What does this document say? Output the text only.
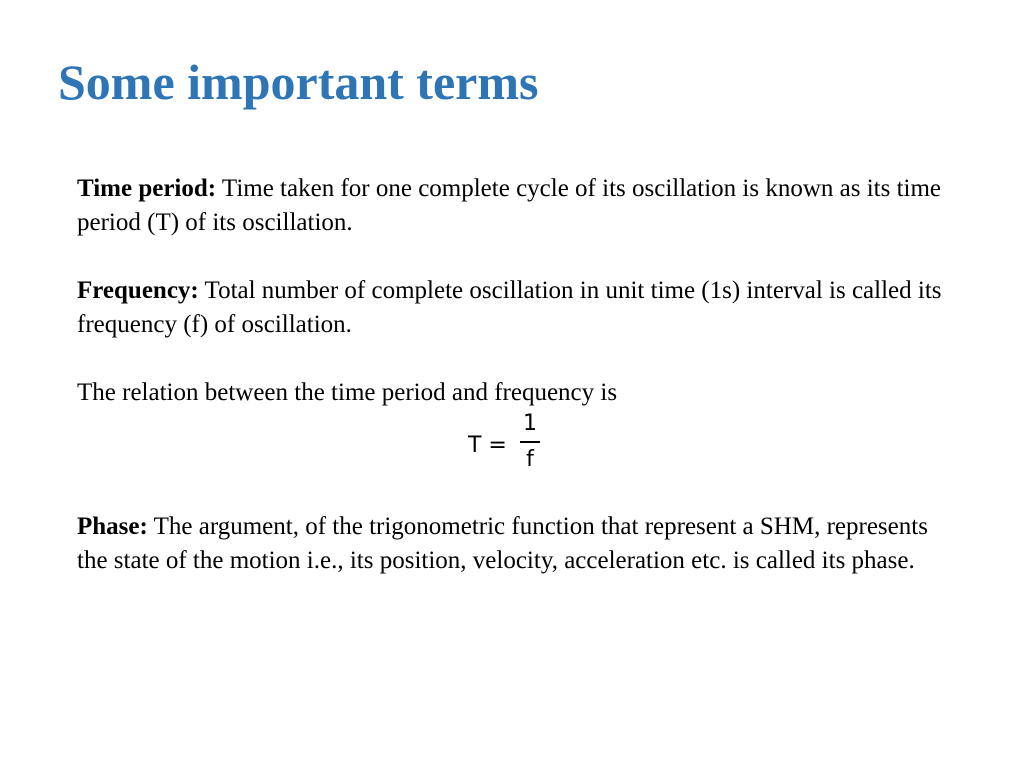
Some important terms

Time period: Time taken for one complete cycle of its oscillation is known as its time period (T) of its oscillation.

Frequency: Total number of complete oscillation in unit time (1s) interval is called its frequency (f) of oscillation.

The relation between the time period and frequency is

T =
1
f

Phase: The argument, of the trigonometric function that represent a SHM, represents the state of the motion i.e., its position, velocity, acceleration etc. is called its phase.
